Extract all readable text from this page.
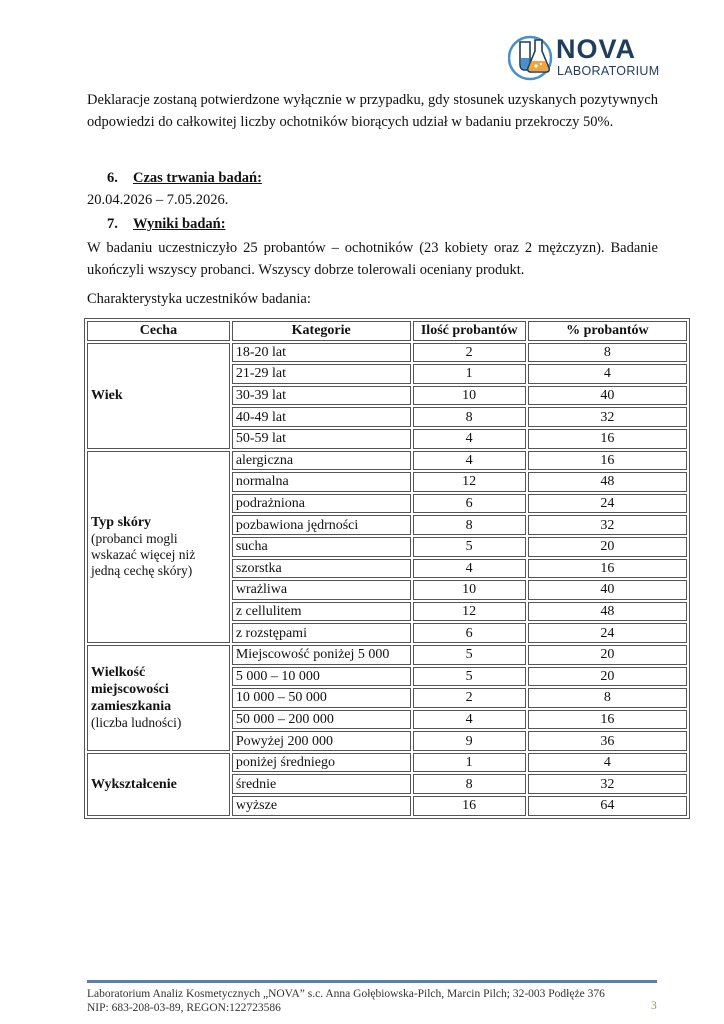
NOVA
LABORATORIUM
Deklaracje zostaną potwierdzone wyłącznie w przypadku, gdy stosunek uzyskanych pozytywnych odpowiedzi do całkowitej liczby ochotników biorących udział w badaniu przekroczy 50%.
6. Czas trwania badań:
20.04.2026 – 7.05.2026.
7. Wyniki badań:
W badaniu uczestniczyło 25 probantów – ochotników (23 kobiety oraz 2 mężczyzn). Badanie ukończyli wszyscy probanci. Wszyscy dobrze tolerowali oceniany produkt.
Charakterystyka uczestników badania:
Cecha	Kategorie	Ilość probantów	% probantów

Wiek	18-20 lat	2	8
	21-29 lat	1	4
	30-39 lat	10	40
	40-49 lat	8	32
	50-59 lat	4	16

Typ skóry
(probanci mogli wskazać więcej niż jedną cechę skóry)	alergiczna	4	16
	normalna	12	48
	podrażniona	6	24
	pozbawiona jędrności	8	32
	sucha	5	20
	szorstka	4	16
	wrażliwa	10	40
	z cellulitem	12	48
	z rozstępami	6	24

Wielkość miejscowości zamieszkania
(liczba ludności)	Miejscowość poniżej 5 000	5	20
	5 000 – 10 000	5	20
	10 000 – 50 000	2	8
	50 000 – 200 000	4	16
	Powyżej 200 000	9	36

Wykształcenie	poniżej średniego	1	4
	średnie	8	32
	wyższe	16	64
Laboratorium Analiz Kosmetycznych „NOVA” s.c. Anna Gołębiowska-Pilch, Marcin Pilch; 32-003 Podłęże 376
NIP: 683-208-03-89, REGON:122723586	3
